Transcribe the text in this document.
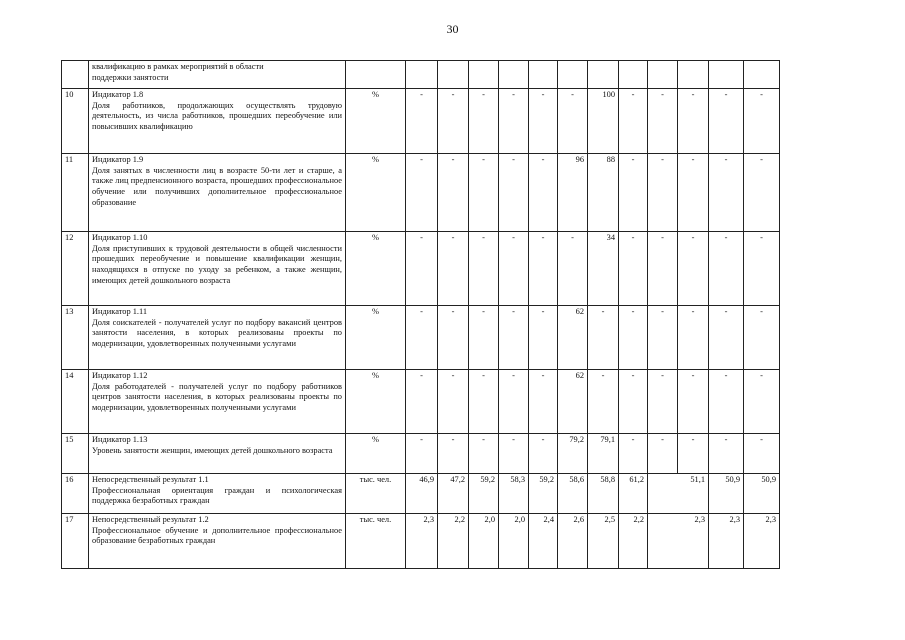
30

	квалификацию в рамках мероприятий в области
поддержки занятости													

10	Индикатор 1.8
Доля работников, продолжающих осуществлять трудовую деятельность, из числа работников, прошедших переобучение или повысивших квалификацию	%	-	-	-	-	-	-	100	-	-	-	-	-
11	Индикатор 1.9
Доля занятых в численности лиц в возрасте 50-ти лет и старше, а также лиц предпенсионного возраста, прошедших профессиональное обучение или получивших дополнительное профессиональное образование	%	-	-	-	-	-	96	88	-	-	-	-	-
12	Индикатор 1.10
Доля приступивших к трудовой деятельности в общей численности прошедших переобучение и повышение квалификации женщин, находящихся в отпуске по уходу за ребенком, а также женщин, имеющих детей дошкольного возраста	%	-	-	-	-	-	-	34	-	-	-	-	-
13	Индикатор 1.11
Доля соискателей - получателей услуг по подбору вакансий центров занятости населения, в которых реализованы проекты по модернизации, удовлетворенных полученными услугами	%	-	-	-	-	-	62	-	-	-	-	-	-
14	Индикатор 1.12
Доля работодателей - получателей услуг по подбору работников центров занятости населения, в которых реализованы проекты по модернизации, удовлетворенных полученными услугами	%	-	-	-	-	-	62	-	-	-	-	-	-
15	Индикатор 1.13
Уровень занятости женщин, имеющих детей дошкольного возраста	%	-	-	-	-	-	79,2	79,1	-	-	-	-	-
16	Непосредственный результат 1.1
Профессиональная ориентация граждан и психологическая поддержка безработных граждан	тыс. чел.	46,9	47,2	59,2	58,3	59,2	58,6	58,8	61,2	51,1		50,9	50,9
17	Непосредственный результат 1.2
Профессиональное обучение и дополнительное профессиональное образование безработных граждан	тыс. чел.	2,3	2,2	2,0	2,0	2,4	2,6	2,5	2,2	2,3		2,3	2,3
